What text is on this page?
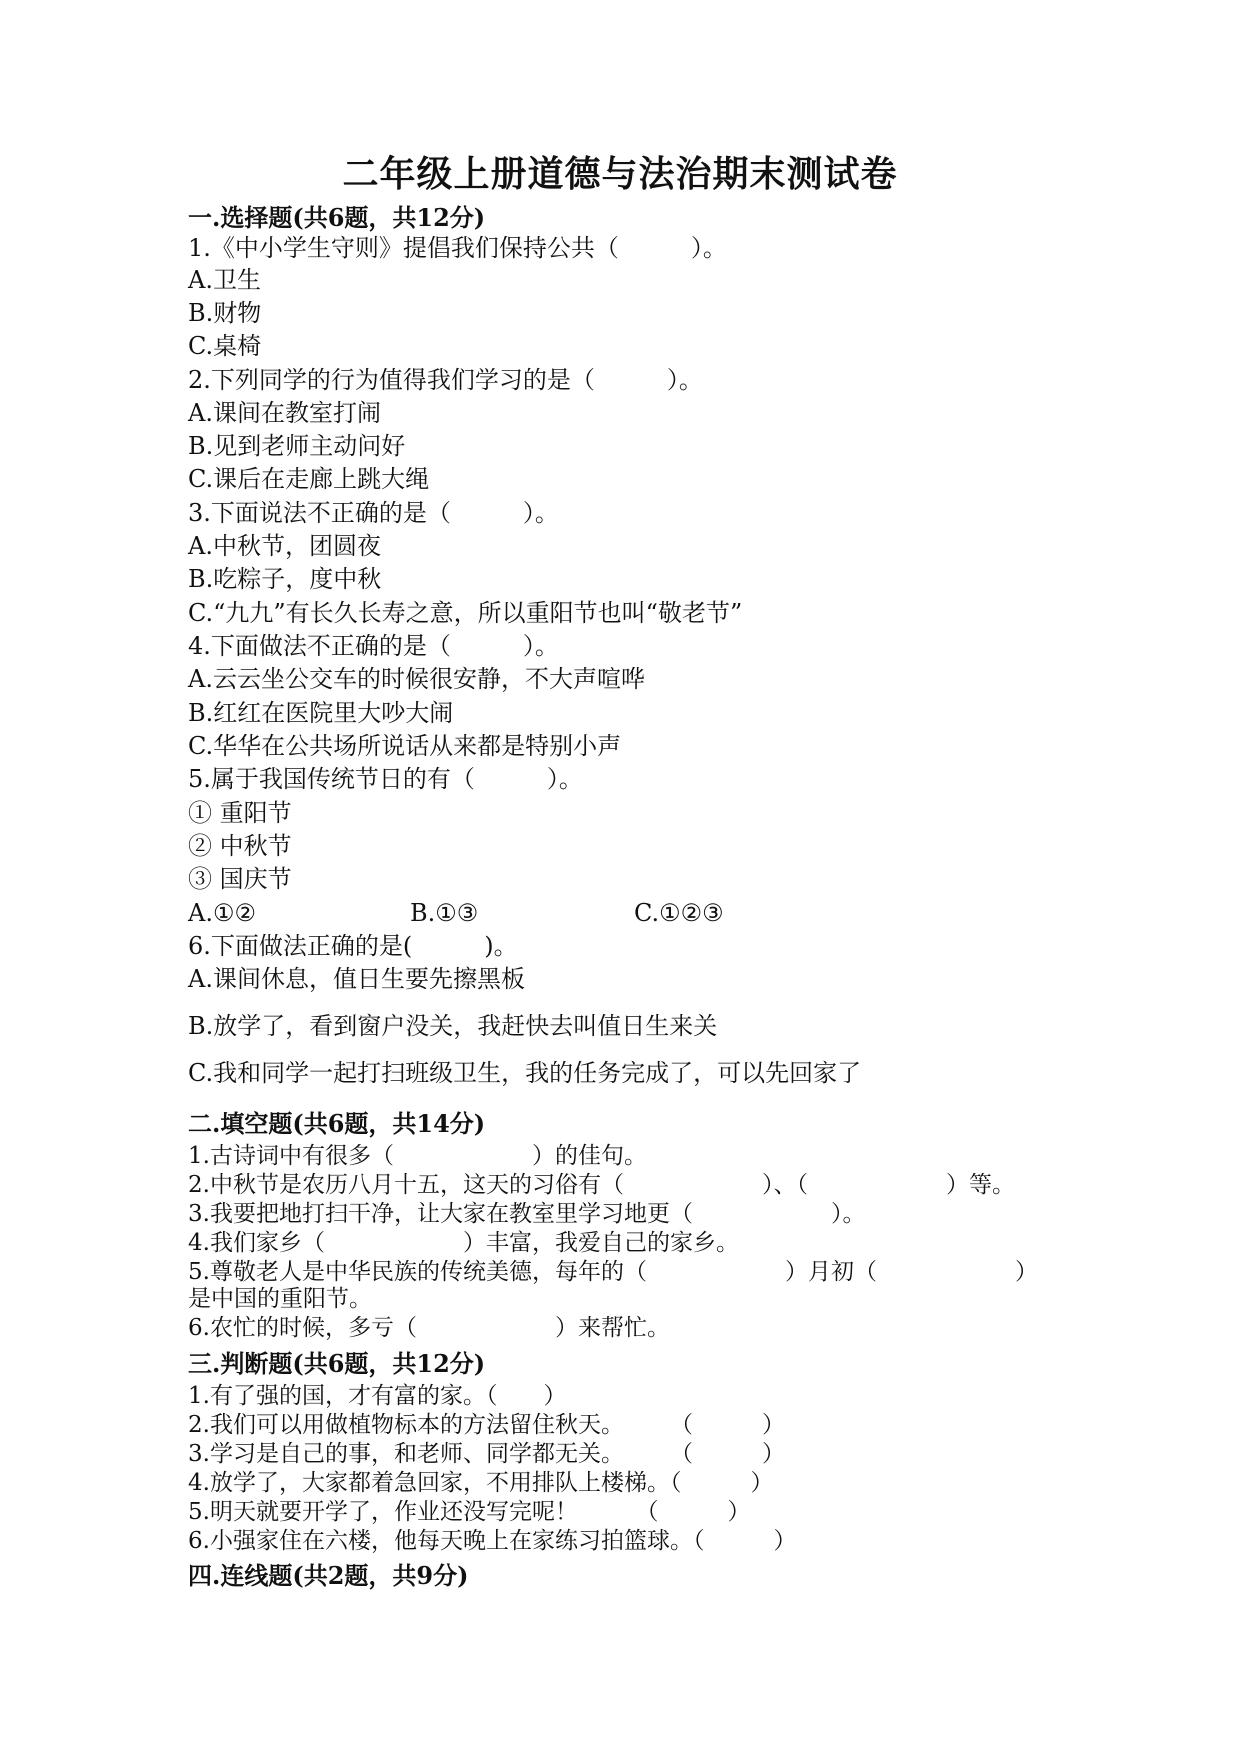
二年级上册道德与法治期末测试卷
一.选择题(共6题，共12分)
1.《中小学生守则》提倡我们保持公共（　　　）。
A.卫生
B.财物
C.桌椅
2.下列同学的行为值得我们学习的是（　　　）。
A.课间在教室打闹
B.见到老师主动问好
C.课后在走廊上跳大绳
3.下面说法不正确的是（　　　）。
A.中秋节，团圆夜
B.吃粽子，度中秋
C.“九九”有长久长寿之意，所以重阳节也叫“敬老节”
4.下面做法不正确的是（　　　）。
A.云云坐公交车的时候很安静，不大声喧哗
B.红红在医院里大吵大闹
C.华华在公共场所说话从来都是特别小声
5.属于我国传统节日的有（　　　）。
① 重阳节
② 中秋节
③ 国庆节
A.①②	B.①③	C.①②③
6.下面做法正确的是(　　　)。
A.课间休息，值日生要先擦黑板
B.放学了，看到窗户没关，我赶快去叫值日生来关
C.我和同学一起打扫班级卫生，我的任务完成了，可以先回家了
二.填空题(共6题，共14分)
1.古诗词中有很多（　　　　　　）的佳句。
2.中秋节是农历八月十五，这天的习俗有（　　　　　　）、（　　　　　　）等。
3.我要把地打扫干净，让大家在教室里学习地更（　　　　　　）。
4.我们家乡（　　　　　　）丰富，我爱自己的家乡。
5.尊敬老人是中华民族的传统美德，每年的（　　　　　　）月初（　　　　　　）
是中国的重阳节。
6.农忙的时候，多亏（　　　　　　）来帮忙。
三.判断题(共6题，共12分)
1.有了强的国，才有富的家。（　　）
2.我们可以用做植物标本的方法留住秋天。　　　（　　　）
3.学习是自己的事，和老师、同学都无关。　　　（　　　）
4.放学了，大家都着急回家，不用排队上楼梯。（　　　）
5.明天就要开学了，作业还没写完呢！　　　（　　　）
6.小强家住在六楼，他每天晚上在家练习拍篮球。（　　　）
四.连线题(共2题，共9分)
